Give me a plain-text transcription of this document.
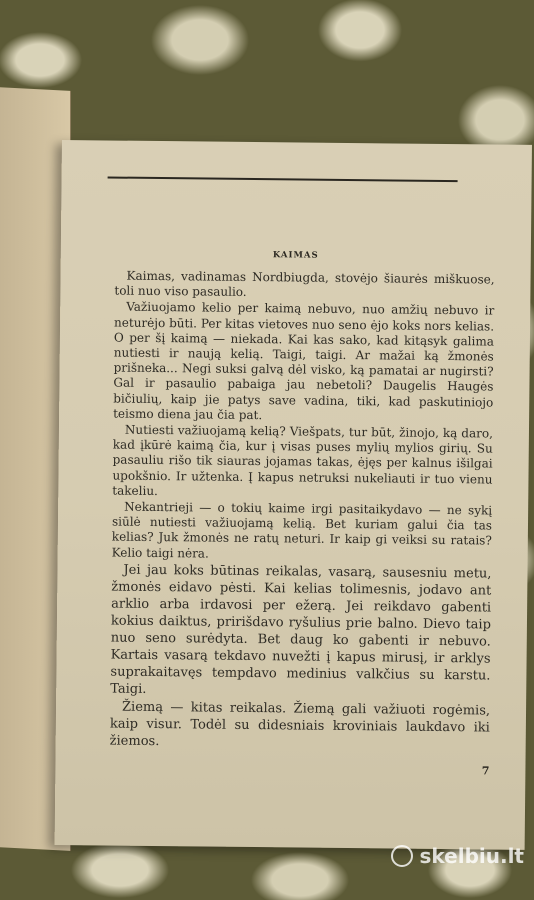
KAIMAS

Kaimas, vadinamas Nordbiugda, stovėjo šiaurės miškuose, toli nuo viso pasaulio.

Važiuojamo kelio per kaimą nebuvo, nuo amžių nebuvo ir neturėjo būti. Per kitas vietoves nuo seno ėjo koks nors kelias. O per šį kaimą — niekada. Kai kas sako, kad kitąsyk galima nutiesti ir naują kelią. Taigi, taigi. Ar mažai ką žmonės prišneka... Negi suksi galvą dėl visko, ką pamatai ar nugirsti? Gal ir pasaulio pabaiga jau nebetoli? Daugelis Haugės bičiulių, kaip jie patys save vadina, tiki, kad paskutiniojo teismo diena jau čia pat.

Nutiesti važiuojamą kelią? Viešpats, tur būt, žinojo, ką daro, kad įkūrė kaimą čia, kur į visas puses mylių mylios girių. Su pasauliu rišo tik siauras jojamas takas, ėjęs per kalnus išilgai upokšnio. Ir užtenka. Į kapus netruksi nukeliauti ir tuo vienu takeliu.

Nekantrieji — o tokių kaime irgi pasitaikydavo — ne sykį siūlė nutiesti važiuojamą kelią. Bet kuriam galui čia tas kelias? Juk žmonės ne ratų neturi. Ir kaip gi veiksi su ratais? Kelio taigi nėra.

Jei jau koks būtinas reikalas, vasarą, sausesniu metu, žmonės eidavo pėsti. Kai kelias tolimesnis, jodavo ant arklio arba irdavosi per ežerą. Jei reikdavo gabenti kokius daiktus, pririšdavo ryšulius prie balno. Dievo taip nuo seno surėdyta. Bet daug ko gabenti ir nebuvo. Kartais vasarą tekdavo nuvežti į kapus mirusį, ir arklys suprakaitavęs tempdavo medinius valkčius su karstu. Taigi.

Žiemą — kitas reikalas. Žiemą gali važiuoti rogėmis, kaip visur. Todėl su didesniais kroviniais laukdavo iki žiemos.

7
skelbiu.lt
